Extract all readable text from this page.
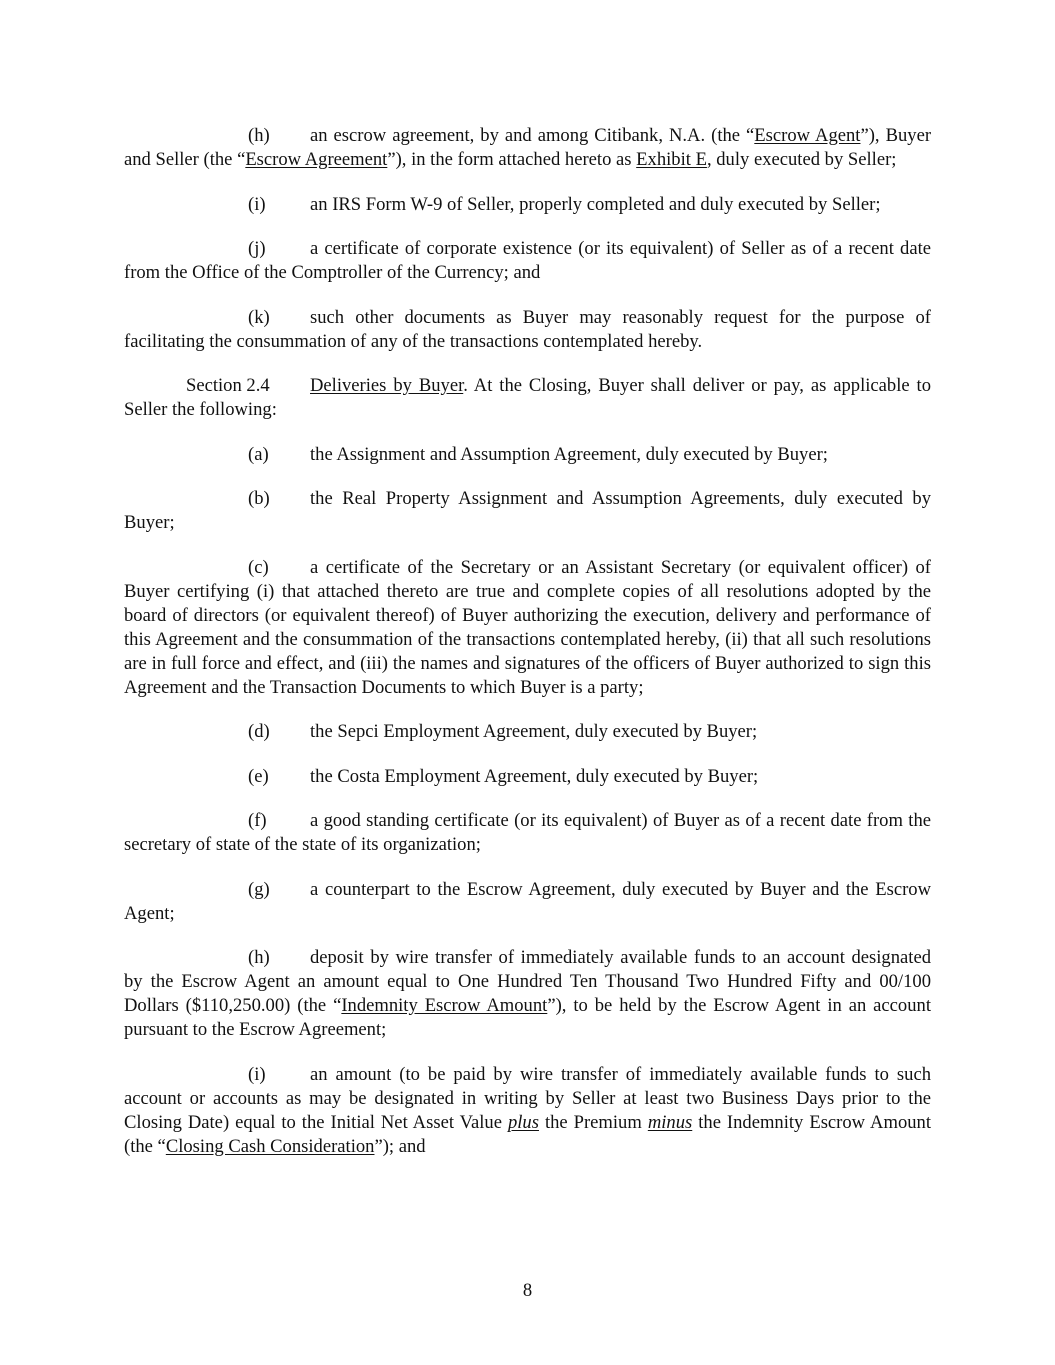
(h) an escrow agreement, by and among Citibank, N.A. (the “Escrow Agent”), Buyer and Seller (the “Escrow Agreement”), in the form attached hereto as Exhibit E, duly executed by Seller;

(i) an IRS Form W-9 of Seller, properly completed and duly executed by Seller;

(j) a certificate of corporate existence (or its equivalent) of Seller as of a recent date from the Office of the Comptroller of the Currency; and

(k) such other documents as Buyer may reasonably request for the purpose of facilitating the consummation of any of the transactions contemplated hereby.

Section 2.4 Deliveries by Buyer. At the Closing, Buyer shall deliver or pay, as applicable to Seller the following:

(a) the Assignment and Assumption Agreement, duly executed by Buyer;

(b) the Real Property Assignment and Assumption Agreements, duly executed by Buyer;

(c) a certificate of the Secretary or an Assistant Secretary (or equivalent officer) of Buyer certifying (i) that attached thereto are true and complete copies of all resolutions adopted by the board of directors (or equivalent thereof) of Buyer authorizing the execution, delivery and performance of this Agreement and the consummation of the transactions contemplated hereby, (ii) that all such resolutions are in full force and effect, and (iii) the names and signatures of the officers of Buyer authorized to sign this Agreement and the Transaction Documents to which Buyer is a party;

(d) the Sepci Employment Agreement, duly executed by Buyer;

(e) the Costa Employment Agreement, duly executed by Buyer;

(f) a good standing certificate (or its equivalent) of Buyer as of a recent date from the secretary of state of the state of its organization;

(g) a counterpart to the Escrow Agreement, duly executed by Buyer and the Escrow Agent;

(h) deposit by wire transfer of immediately available funds to an account designated by the Escrow Agent an amount equal to One Hundred Ten Thousand Two Hundred Fifty and 00/100 Dollars ($110,250.00) (the “Indemnity Escrow Amount”), to be held by the Escrow Agent in an account pursuant to the Escrow Agreement;

(i) an amount (to be paid by wire transfer of immediately available funds to such account or accounts as may be designated in writing by Seller at least two Business Days prior to the Closing Date) equal to the Initial Net Asset Value plus the Premium minus the Indemnity Escrow Amount (the “Closing Cash Consideration”); and

8
